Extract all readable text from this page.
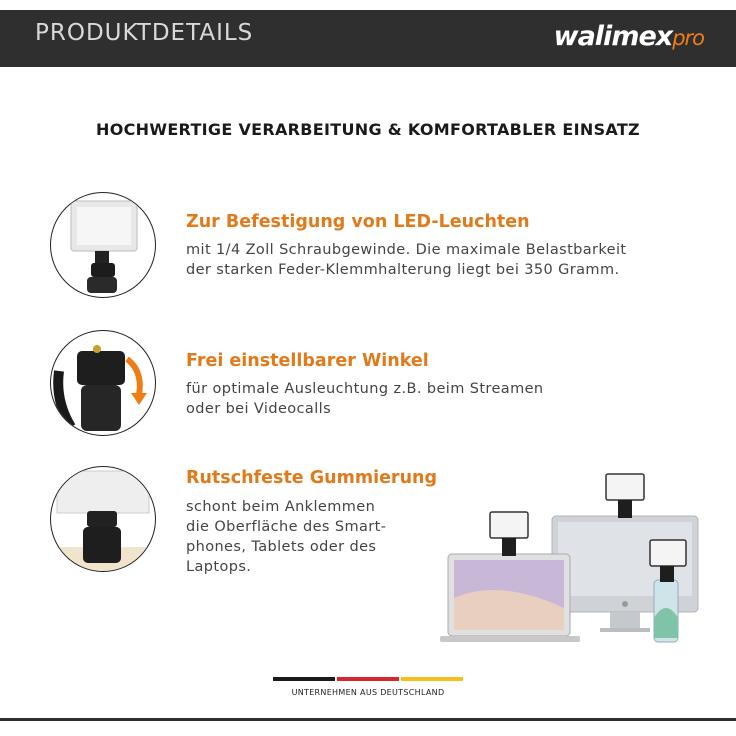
PRODUKTDETAILS	walimexpro
HOCHWERTIGE VERARBEITUNG & KOMFORTABLER EINSATZ
Zur Befestigung von LED-Leuchten
mit 1/4 Zoll Schraubgewinde. Die maximale Belastbarkeit
der starken Feder-Klemmhalterung liegt bei 350 Gramm.
Frei einstellbarer Winkel
für optimale Ausleuchtung z.B. beim Streamen
oder bei Videocalls
Rutschfeste Gummierung
schont beim Anklemmen
die Oberfläche des Smart-
phones, Tablets oder des
Laptops.
UNTERNEHMEN AUS DEUTSCHLAND
